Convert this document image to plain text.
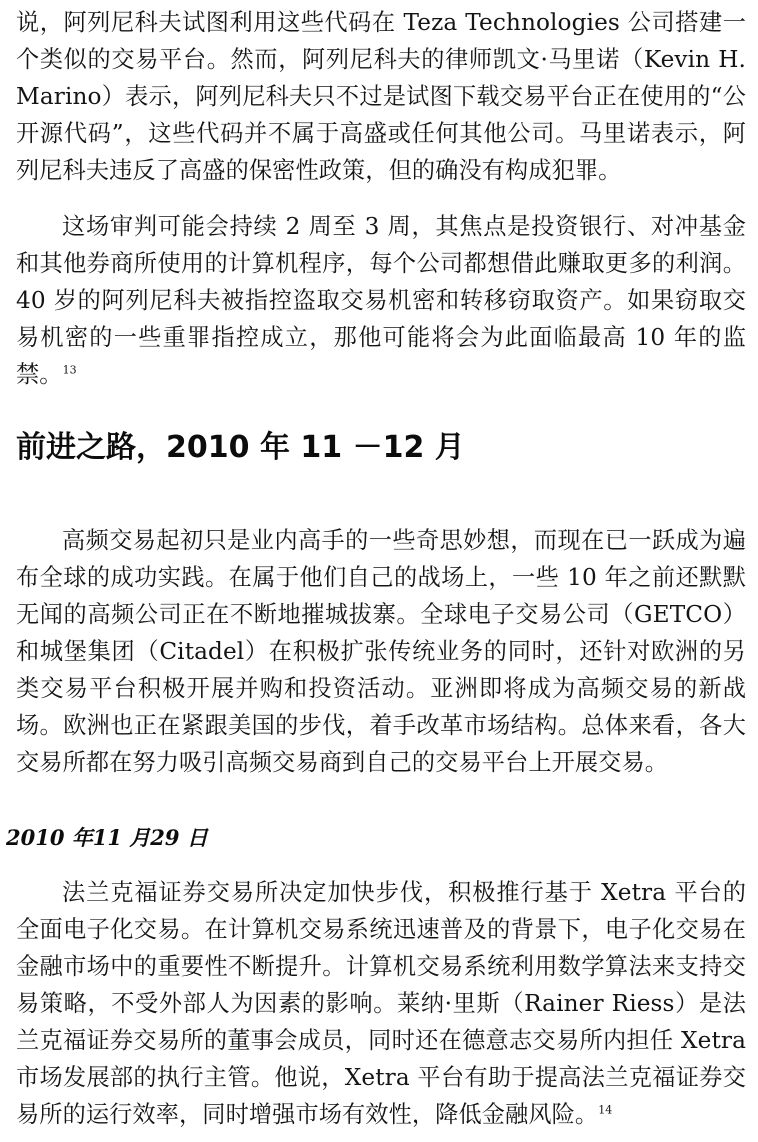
说，阿列尼科夫试图利用这些代码在 Teza Technologies 公司搭建一个类似的交易平台。然而，阿列尼科夫的律师凯文·马里诺（Kevin H. Marino）表示，阿列尼科夫只不过是试图下载交易平台正在使用的“公开源代码”，这些代码并不属于高盛或任何其他公司。马里诺表示，阿列尼科夫违反了高盛的保密性政策，但的确没有构成犯罪。

这场审判可能会持续 2 周至 3 周，其焦点是投资银行、对冲基金和其他券商所使用的计算机程序，每个公司都想借此赚取更多的利润。40 岁的阿列尼科夫被指控盗取交易机密和转移窃取资产。如果窃取交易机密的一些重罪指控成立，那他可能将会为此面临最高 10 年的监禁。$^{13}$

前进之路，2010 年 11 －12 月

高频交易起初只是业内高手的一些奇思妙想，而现在已一跃成为遍布全球的成功实践。在属于他们自己的战场上，一些 10 年之前还默默无闻的高频公司正在不断地摧城拔寨。全球电子交易公司（GETCO）和城堡集团（Citadel）在积极扩张传统业务的同时，还针对欧洲的另类交易平台积极开展并购和投资活动。亚洲即将成为高频交易的新战场。欧洲也正在紧跟美国的步伐，着手改革市场结构。总体来看，各大交易所都在努力吸引高频交易商到自己的交易平台上开展交易。

2010 年11 月29 日

法兰克福证券交易所决定加快步伐，积极推行基于 Xetra 平台的全面电子化交易。在计算机交易系统迅速普及的背景下，电子化交易在金融市场中的重要性不断提升。计算机交易系统利用数学算法来支持交易策略，不受外部人为因素的影响。莱纳·里斯（Rainer Riess）是法兰克福证券交易所的董事会成员，同时还在德意志交易所内担任 Xetra 市场发展部的执行主管。他说，Xetra 平台有助于提高法兰克福证券交易所的运行效率，同时增强市场有效性，降低金融风险。$^{14}$
